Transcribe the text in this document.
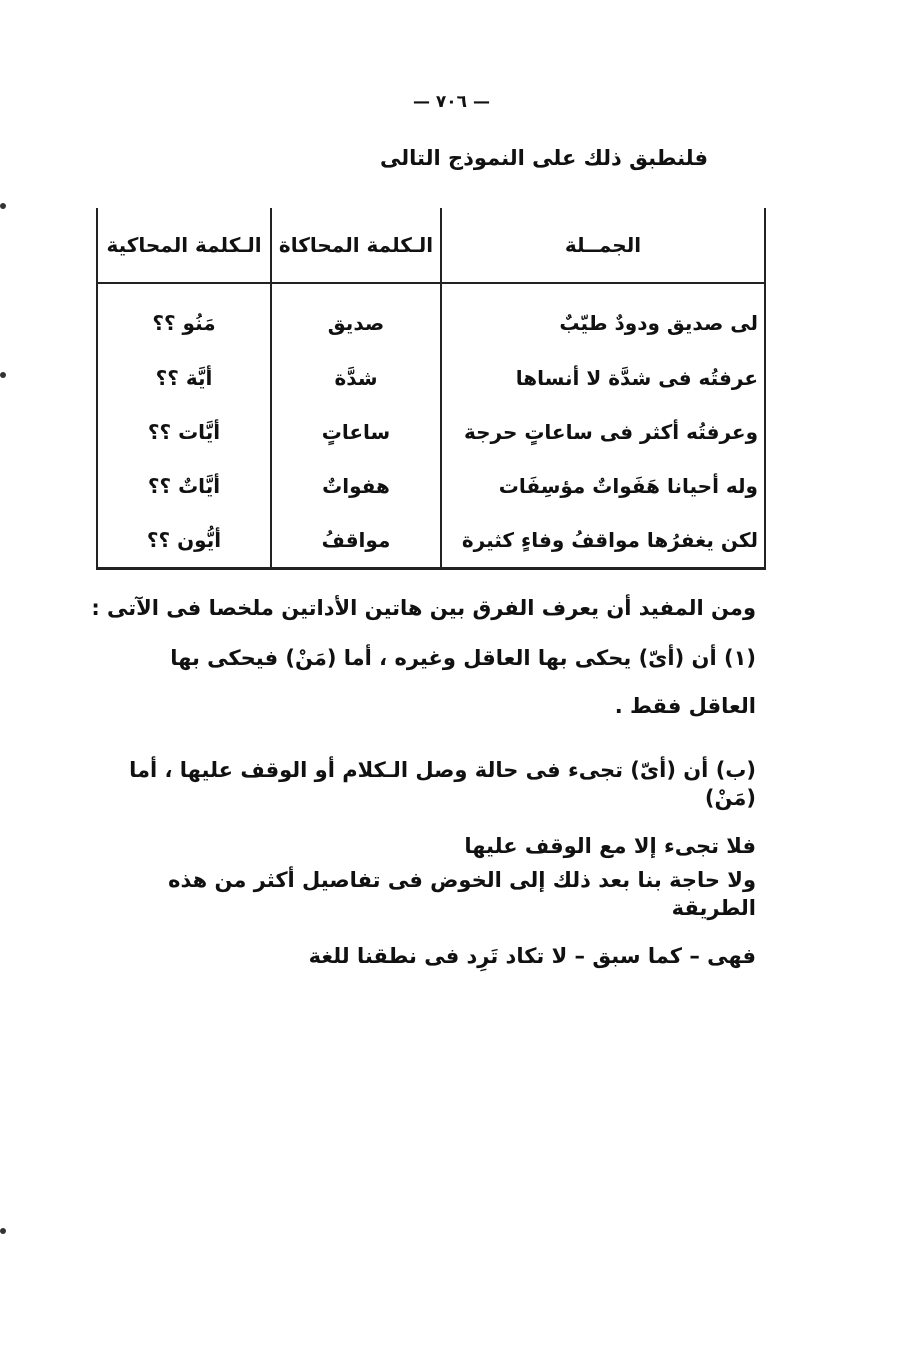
— ٧٠٦ —
فلنطبق ذلك على النموذج التالى
الجمــلة	الـكلمة المحاكاة	الـكلمة المحاكية
لى صديق ودودٌ طيّبٌ	صديق	مَنُو ؟؟
عرفتُه فى شدَّة لا أنساها	شدَّة	أيَّة ؟؟
وعرفتُه أكثر فى ساعاتٍ حرجة	ساعاتٍ	أيَّات ؟؟
وله أحيانا هَفَواتٌ مؤسِفَات	هفواتٌ	أيَّاتٌ ؟؟
لكن يغفرُها مواقفُ وفاءٍ كثيرة	مواقفُ	أيُّون ؟؟

ومن المفيد أن يعرف الفرق بين هاتين الأداتين ملخصا فى الآتى :

(١) أن (أىّ) يحكى بها العاقل وغيره ، أما (مَنْ) فيحكى بها

العاقل فقط .

(ب) أن (أىّ) تجىء فى حالة وصل الـكلام أو الوقف عليها ، أما (مَنْ)

فلا تجىء إلا مع الوقف عليها

ولا حاجة بنا بعد ذلك إلى الخوض فى تفاصيل أكثر من هذه الطريقة

فهى – كما سبق – لا تكاد تَرِد فى نطقنا للغة
